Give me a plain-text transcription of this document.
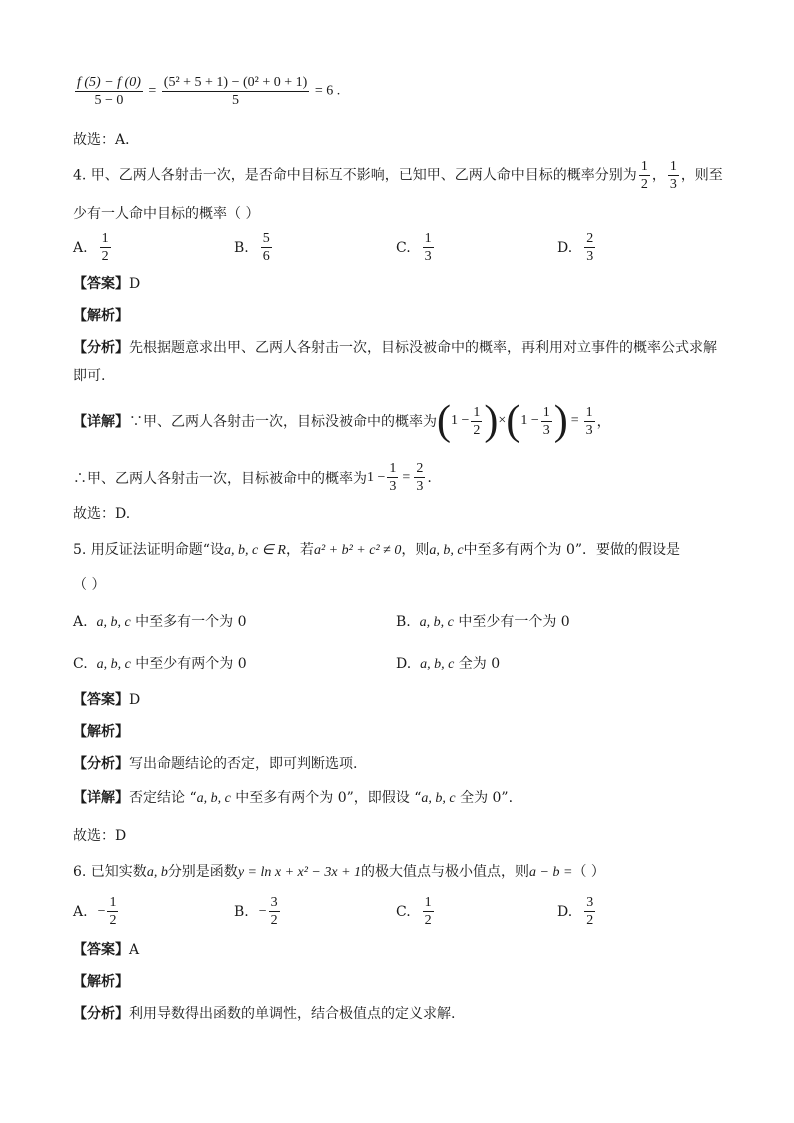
$\frac{f (5) - f (0)}{5 - 0} = \frac{\text{(5² + 5 + 1) − (0² + 0 + 1)}}{5} = 6$ .
故选：A．
4. 甲、乙两人各射击一次，是否命中目标互不影响，已知甲、乙两人命中目标的概率分别为 $\frac{1}{2}$ ， $\frac{1}{3}$ ，则至
少有一人命中目标的概率（ ）
A. $\frac{1}{2}$	B. $\frac{5}{6}$	C. $\frac{1}{3}$	D. $\frac{2}{3}$
【答案】D
【解析】
【分析】先根据题意求出甲、乙两人各射击一次，目标没被命中的概率，再利用对立事件的概率公式求解
即可.
【详解】 ∵甲、乙两人各射击一次，目标没被命中的概率为 ( $1 - \frac{1}{2}$ ) × ( $1 - \frac{1}{3}$ ) = $\frac{1}{3}$ ，
∴甲、乙两人各射击一次，目标被命中的概率为 $1 - \frac{1}{3} = \frac{2}{3}$ .
故选：D.
5. 用反证法证明命题“设a, b, c ∈ R，若a² + b² + c² ≠ 0，则a, b, c中至多有两个为 0”．要做的假设是
（ ）
A. a, b, c 中至多有一个为 0	B. a, b, c 中至少有一个为 0
C. a, b, c 中至少有两个为 0	D. a, b, c 全为 0
【答案】D
【解析】
【分析】写出命题结论的否定，即可判断选项.
【详解】否定结论 “a, b, c 中至多有两个为 0”，即假设 “a, b, c 全为 0”.
故选：D
6. 已知实数a, b分别是函数y = ln x + x² − 3x + 1的极大值点与极小值点，则a − b =（ ）
A. − $\frac{1}{2}$	B. − $\frac{3}{2}$	C. $\frac{1}{2}$	D. $\frac{3}{2}$
【答案】A
【解析】
【分析】利用导数得出函数的单调性，结合极值点的定义求解.
